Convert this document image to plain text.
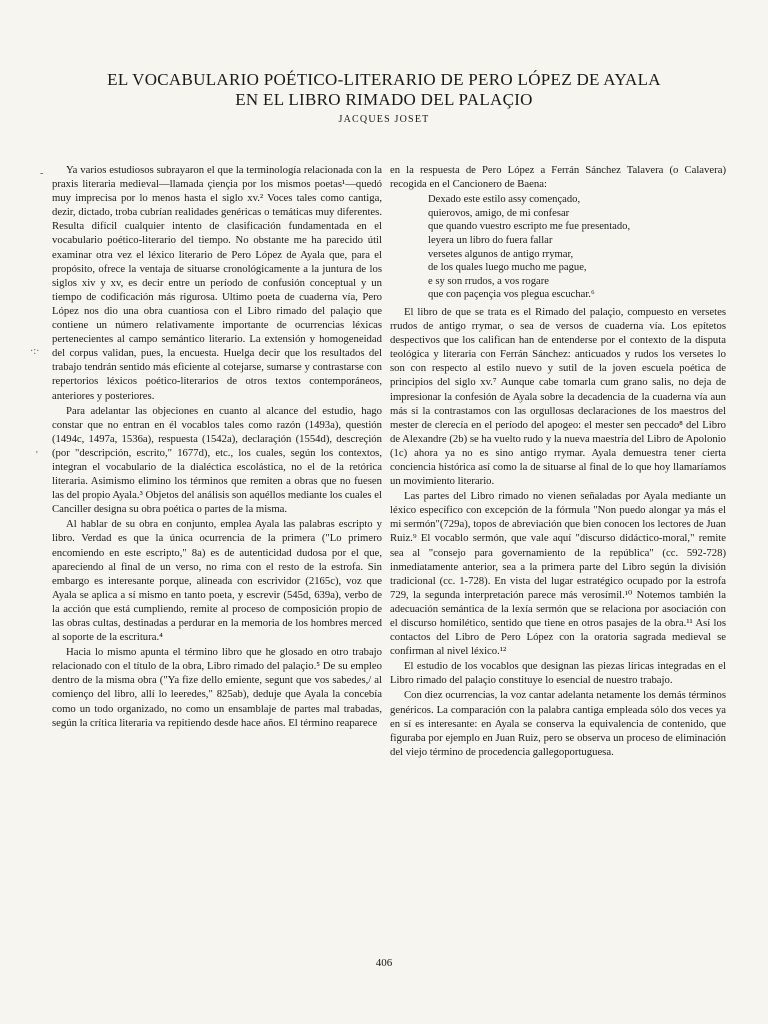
EL VOCABULARIO POÉTICO-LITERARIO DE PERO LÓPEZ DE AYALA
EN EL LIBRO RIMADO DEL PALAÇIO
JACQUES JOSET
-
·:·
'

Ya varios estudiosos subrayaron el que la terminología relacionada con la praxis literaria medieval—llamada çiençia por los mismos poetas¹—quedó muy imprecisa por lo menos hasta el siglo xv.² Voces tales como cantiga, dezir, dictado, troba cubrían realidades genéricas o temáticas muy diferentes. Resulta difícil cualquier intento de clasificación fundamentada en el vocabulario poético-literario del tiempo. No obstante me ha parecido útil examinar otra vez el léxico literario de Pero López de Ayala que, para el propósito, ofrece la ventaja de situarse cronológicamente a la juntura de los siglos xiv y xv, es decir entre un período de confusión conceptual y un tiempo de codificación más rigurosa. Ultimo poeta de cuaderna vía, Pero López nos dio una obra cuantiosa con el Libro rimado del palaçio que contiene un número relativamente importante de ocurrencias léxicas pertenecientes al campo semántico literario. La extensión y homogeneidad del corpus validan, pues, la encuesta. Huelga decir que los resultados del trabajo tendrán sentido más eficiente al cotejarse, sumarse y contrastarse con repertorios léxicos poético-literarios de otros textos contemporáneos, anteriores y posteriores.

Para adelantar las objeciones en cuanto al alcance del estudio, hago constar que no entran en él vocablos tales como razón (1493a), questión (1494c, 1497a, 1536a), respuesta (1542a), declaraçión (1554d), descreçión (por "descripción, escrito," 1677d), etc., los cuales, según los contextos, integran el vocabulario de la dialéctica escolástica, no el de la retórica literaria. Asimismo elimino los términos que remiten a obras que no fuesen las del propio Ayala.³ Objetos del análisis son aquéllos mediante los cuales el Canciller designa su obra poética o partes de la misma.

Al hablar de su obra en conjunto, emplea Ayala las palabras escripto y libro. Verdad es que la única ocurrencia de la primera ("Lo primero encomiendo en este escripto," 8a) es de autenticidad dudosa por el que, apareciendo al final de un verso, no rima con el resto de la estrofa. Sin embargo es interesante porque, alineada con escrividor (2165c), voz que Ayala se aplica a sí mismo en tanto poeta, y escrevir (545d, 639a), verbo de la acción que está cumpliendo, remite al proceso de composición propio de las obras cultas, destinadas a perdurar en la memoria de los hombres merced al soporte de la escritura.⁴

Hacia lo mismo apunta el término libro que he glosado en otro trabajo relacionado con el título de la obra, Libro rimado del palaçio.⁵ De su empleo dentro de la misma obra ("Ya fize dello emiente, segunt que vos sabedes,/ al comienço del libro, allí lo leeredes," 825ab), deduje que Ayala la concebía como un todo organizado, no como un ensamblaje de partes mal trabadas, según la crítica literaria va repitiendo desde hace años. El término reaparece

en la respuesta de Pero López a Ferrán Sánchez Talavera (o Calavera) recogida en el Cancionero de Baena:

Dexado este estilo assy començado,
quierovos, amigo, de mi confesar
que quando vuestro escripto me fue presentado,
leyera un libro do fuera fallar
versetes algunos de antigo rrymar,
de los quales luego mucho me pague,
e sy son rrudos, a vos rogare
que con paçençia vos plegua escuchar.⁶

El libro de que se trata es el Rimado del palaçio, compuesto en versetes rrudos de antigo rrymar, o sea de versos de cuaderna vía. Los epítetos despectivos que los califican han de entenderse por el contexto de la disputa teológica y literaria con Ferrán Sánchez: anticuados y rudos los versetes lo son con respecto al estilo nuevo y sutil de la joven escuela poética de principios del siglo xv.⁷ Aunque cabe tomarla cum grano salis, no deja de impresionar la confesión de Ayala sobre la decadencia de la cuaderna vía aun más si la contrastamos con las orgullosas declaraciones de los maestros del mester de clerecía en el período del apogeo: el mester sen peccado⁸ del Libro de Alexandre (2b) se ha vuelto rudo y la nueva maestría del Libro de Apolonio (1c) ahora ya no es sino antigo rrymar. Ayala demuestra tener cierta conciencia histórica así como la de situarse al final de lo que hoy llamaríamos un movimiento literario.

Las partes del Libro rimado no vienen señaladas por Ayala mediante un léxico específico con excepción de la fórmula "Non puedo alongar ya más el mi sermón"(729a), topos de abreviación que bien conocen los lectores de Juan Ruiz.⁹ El vocablo sermón, que vale aquí "discurso didáctico-moral," remite sea al "consejo para governamiento de la república" (cc. 592-728) inmediatamente anterior, sea a la primera parte del Libro según la división tradicional (cc. 1-728). En vista del lugar estratégico ocupado por la estrofa 729, la segunda interpretación parece más verosímil.¹⁰ Notemos también la adecuación semántica de la lexía sermón que se relaciona por asociación con el discurso homilético, sentido que tiene en otros pasajes de la obra.¹¹ Así los contactos del Libro de Pero López con la oratoria sagrada medieval se confirman al nivel léxico.¹²

El estudio de los vocablos que designan las piezas líricas integradas en el Libro rimado del palaçio constituye lo esencial de nuestro trabajo.

Con diez ocurrencias, la voz cantar adelanta netamente los demás términos genéricos. La comparación con la palabra cantiga empleada sólo dos veces ya en sí es interesante: en Ayala se conserva la equivalencia de contenido, que figuraba por ejemplo en Juan Ruiz, pero se observa un proceso de eliminación del viejo término de procedencia gallegoportuguesa.

406
